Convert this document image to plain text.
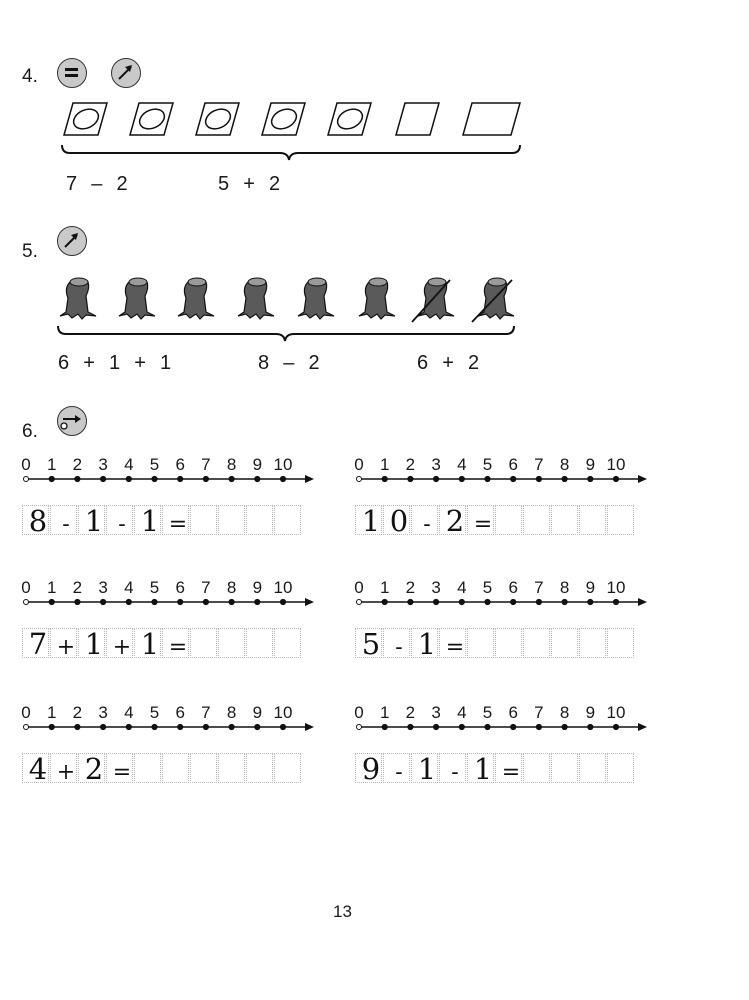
4.
7  –  2	5  +  2
5.
6  +  1  +  1	8  –  2	6  +  2
6.
0 1 2 3 4 5 6 7 8 9 10
8 - 1 - 1 =
0 1 2 3 4 5 6 7 8 9 10
1 0 - 2 =
0 1 2 3 4 5 6 7 8 9 10
7 + 1 + 1 =
0 1 2 3 4 5 6 7 8 9 10
5 - 1 =
0 1 2 3 4 5 6 7 8 9 10
4 + 2 =
0 1 2 3 4 5 6 7 8 9 10
9 - 1 - 1 =
13
